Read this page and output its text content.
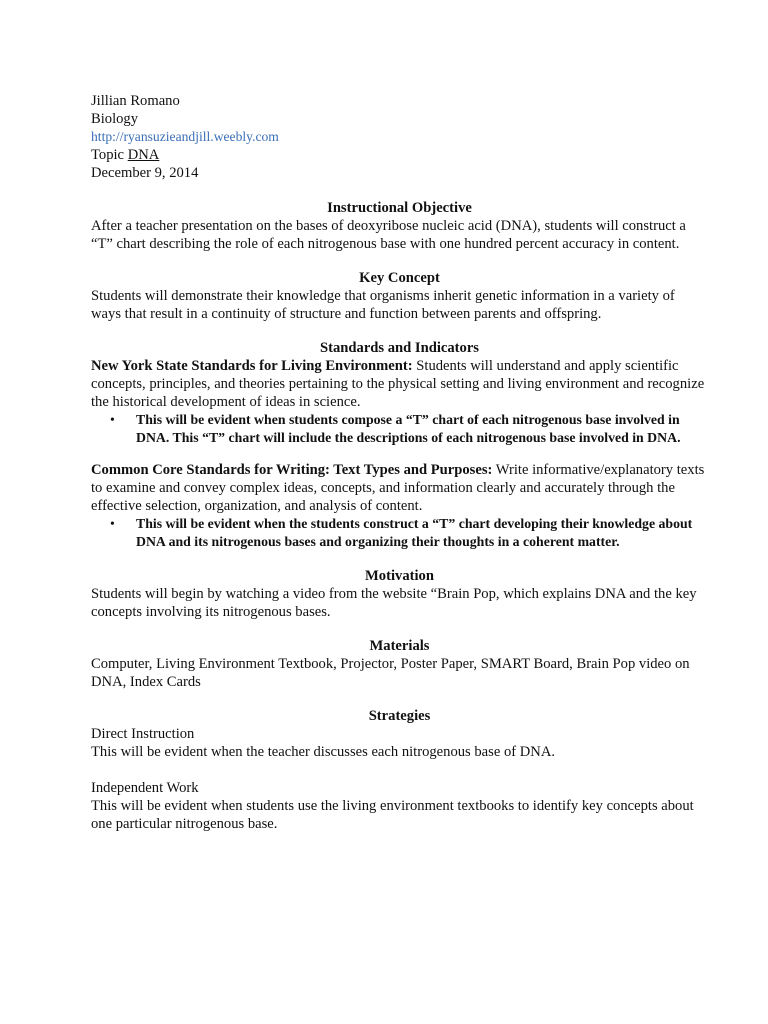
Jillian Romano
Biology
http://ryansuzieandjill.weebly.com
Topic DNA
December 9, 2014
Instructional Objective
After a teacher presentation on the bases of deoxyribose nucleic acid (DNA), students will construct a “T” chart describing the role of each nitrogenous base with one hundred percent accuracy in content.
Key Concept
Students will demonstrate their knowledge that organisms inherit genetic information in a variety of ways that result in a continuity of structure and function between parents and offspring.
Standards and Indicators
New York State Standards for Living Environment: Students will understand and apply scientific concepts, principles, and theories pertaining to the physical setting and living environment and recognize the historical development of ideas in science.
• This will be evident when students compose a “T” chart of each nitrogenous base involved in DNA. This “T” chart will include the descriptions of each nitrogenous base involved in DNA.
Common Core Standards for Writing: Text Types and Purposes: Write informative/explanatory texts to examine and convey complex ideas, concepts, and information clearly and accurately through the effective selection, organization, and analysis of content.
• This will be evident when the students construct a “T” chart developing their knowledge about DNA and its nitrogenous bases and organizing their thoughts in a coherent matter.
Motivation
Students will begin by watching a video from the website “Brain Pop, which explains DNA and the key concepts involving its nitrogenous bases.
Materials
Computer, Living Environment Textbook, Projector, Poster Paper, SMART Board, Brain Pop video on DNA, Index Cards
Strategies
Direct Instruction
This will be evident when the teacher discusses each nitrogenous base of DNA.
Independent Work
This will be evident when students use the living environment textbooks to identify key concepts about one particular nitrogenous base.
